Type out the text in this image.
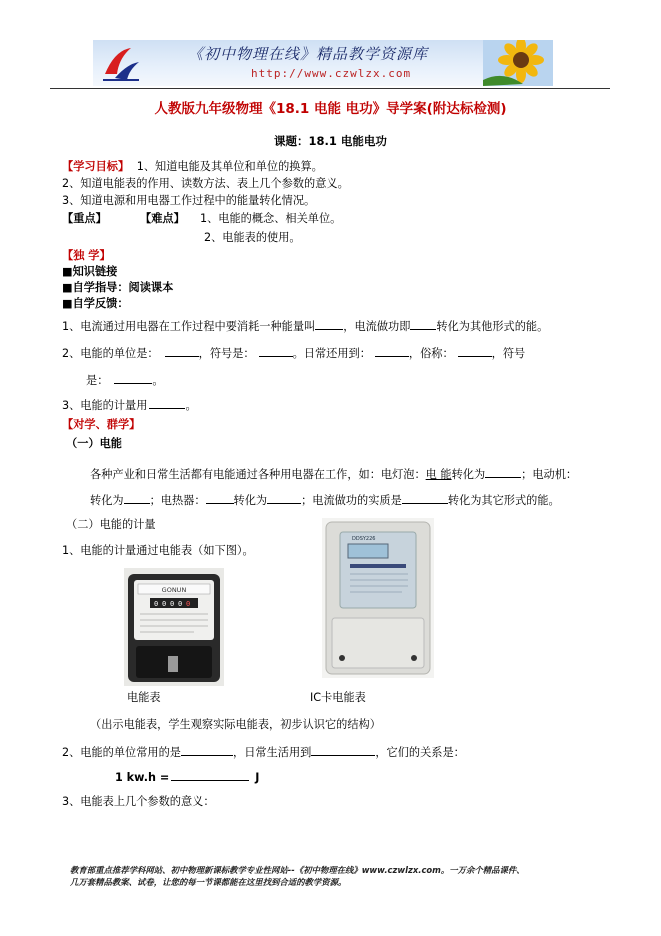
《初中物理在线》精品教学资源库
http://www.czwlzx.com
人教版九年级物理《18.1 电能 电功》导学案(附达标检测)
课题：18.1 电能电功
【学习目标】 1、知道电能及其单位和单位的换算。
2、知道电能表的作用、读数方法、表上几个参数的意义。
3、知道电源和用电器工作过程中的能量转化情况。
【重点】	【难点】 1、电能的概念、相关单位。
2、电能表的使用。
【独 学】
■知识链接
■自学指导：阅读课本
■自学反馈：
1、电流通过用电器在工作过程中要消耗一种能量叫	，电流做功即 转化为其他形式的能。
2、电能的单位是：	，符号是：	。日常还用到：	，俗称：	，符号
是：	。
3、电能的计量用	。
【对学、群学】
（一）电能
各种产业和日常生活都有电能通过各种用电器在工作，如：电灯泡：电 能转化为	；电动机：
转化为 ；电热器：	转化为	；电流做功的实质是	转化为其它形式的能。
（二）电能的计量
1、电能的计量通过电能表（如下图）。
GONUN
0 0 0 0 0
DDSY226
电能表	IC卡电能表
（出示电能表，学生观察实际电能表，初步认识它的结构）
2、电能的单位常用的是	，日常生活用到	，它们的关系是：
1 kw.h =	J
3、电能表上几个参数的意义：
教育部重点推荐学科网站、初中物理新课标教学专业性网站--《初中物理在线》www.czwlzx.com。一万余个精品课件、
几万套精品教案、试卷，让您的每一节课都能在这里找到合适的教学资源。
